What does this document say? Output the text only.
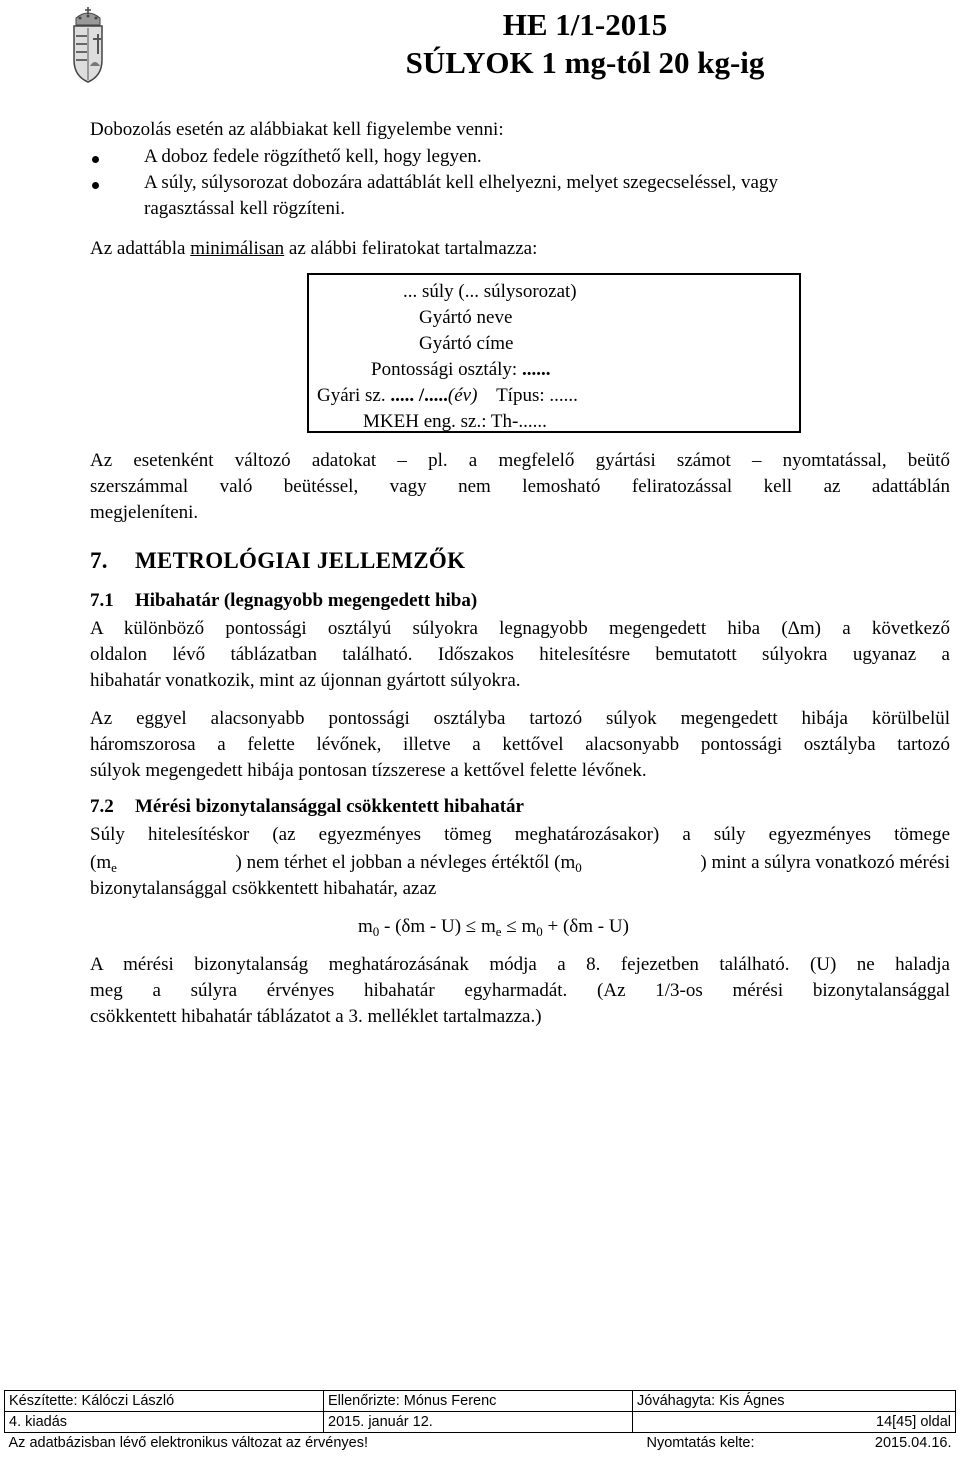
HE 1/1-2015
SÚLYOK 1 mg-tól 20 kg-ig
Dobozolás esetén az alábbiakat kell figyelembe venni:
A doboz fedele rögzíthető kell, hogy legyen.
A súly, súlysorozat dobozára adattáblát kell elhelyezni, melyet szegecseléssel, vagy
ragasztással kell rögzíteni.
Az adattábla minimálisan az alábbi feliratokat tartalmazza:
... súly (... súlysorozat)
Gyártó neve
Gyártó címe
Pontossági osztály: ......
Gyári sz. ..... /.....(év)    Típus: ......
MKEH eng. sz.: Th-......
Az esetenként változó adatokat – pl. a megfelelő gyártási számot – nyomtatással, beütő
szerszámmal való beütéssel, vagy nem lemosható feliratozással kell az adattáblán
megjeleníteni.
7. METROLÓGIAI JELLEMZŐK
7.1 Hibahatár (legnagyobb megengedett hiba)
A különböző pontossági osztályú súlyokra legnagyobb megengedett hiba (Δm) a következő
oldalon lévő táblázatban található. Időszakos hitelesítésre bemutatott súlyokra ugyanaz a
hibahatár vonatkozik, mint az újonnan gyártott súlyokra.
Az eggyel alacsonyabb pontossági osztályba tartozó súlyok megengedett hibája körülbelül
háromszorosa a felette lévőnek, illetve a kettővel alacsonyabb pontossági osztályba tartozó
súlyok megengedett hibája pontosan tízszerese a kettővel felette lévőnek.
7.2 Mérési bizonytalansággal csökkentett hibahatár
Súly hitelesítéskor (az egyezményes tömeg meghatározásakor) a súly egyezményes tömege
($m_e$	) nem térhet el jobban a névleges értéktől ($m_0$	) mint a súlyra vonatkozó mérési
bizonytalansággal csökkentett hibahatár, azaz
$m_0 - (\delta m - U) \le m_e \le m_0 + (\delta m - U)$
A mérési bizonytalanság meghatározásának módja a 8. fejezetben található. (U) ne haladja
meg a súlyra érvényes hibahatár egyharmadát. (Az 1/3-os mérési bizonytalansággal
csökkentett hibahatár táblázatot a 3. melléklet tartalmazza.)
Készítette: Kálóczi László	Ellenőrizte: Mónus Ferenc	Jóváhagyta: Kis Ágnes
4. kiadás	2015. január 12.	14[45] oldal
Az adatbázisban lévő elektronikus változat az érvényes!		Nyomtatás kelte: 2015.04.16.
